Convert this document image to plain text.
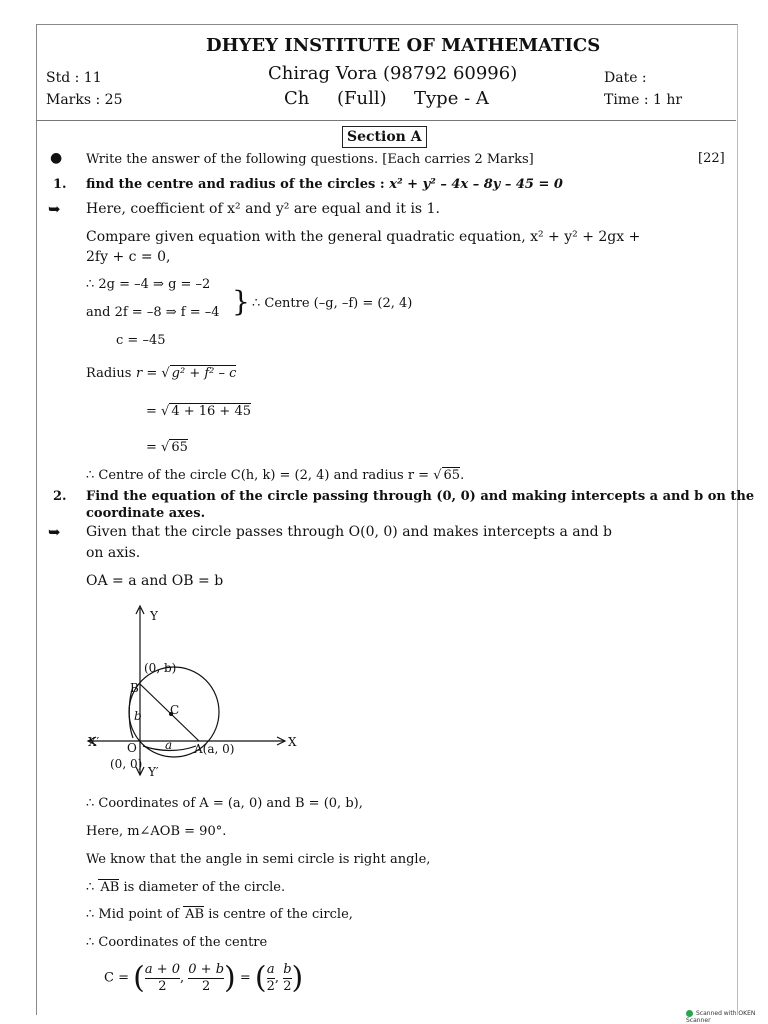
DHYEY INSTITUTE OF MATHEMATICS
Chirag Vora (98792 60996)
Std : 11
Marks : 25	Ch (Full) Type - A
Date :
Time : 1 hr
Section A
● Write the answer of the following questions. [Each carries 2 Marks]	[22]
1. find the centre and radius of the circles : x² + y² – 4x – 8y – 45 = 0
➥ Here, coefficient of x² and y² are equal and it is 1.
Compare given equation with the general quadratic equation, x² + y² + 2gx +
2fy + c = 0,
∴ 2g = –4 ⇒ g = –2
and 2f = –8 ⇒ f = –4 } ∴ Centre (–g, –f) = (2, 4)
c = –45
Radius r = √ g² + f² – c
= √ 4 + 16 + 45
= √ 65
∴ Centre of the circle C(h, k) = (2, 4) and radius r = √ 65.
2. Find the equation of the circle passing through (0, 0) and making intercepts a and b on the
coordinate axes.
➥ Given that the circle passes through O(0, 0) and makes intercepts a and b
on axis.
OA = a and OB = b
Y
X
X′
Y′
(0, b)
B
b C
a
O
(0, 0)
A(a, 0)
∴ Coordinates of A = (a, 0) and B = (0, b),
Here, m∠AOB = 90°.
We know that the angle in semi circle is right angle,
∴ AB is diameter of the circle.
∴ Mid point of AB is centre of the circle,
∴ Coordinates of the centre
C = ( $\frac{a + 0}{2}$ , $\frac{0 + b}{2}$ ) = ( $\frac{a}{2}$ , $\frac{b}{2}$ )
Scanned with OKEN Scanner
